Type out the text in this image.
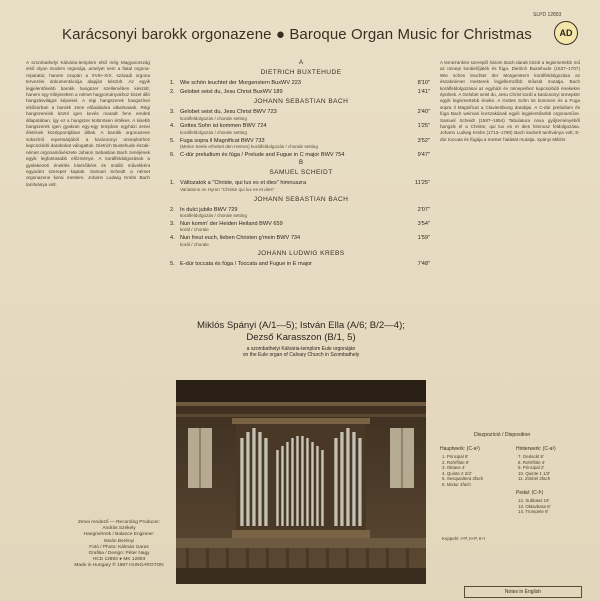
Karácsonyi barokk orgonazene ● Baroque Organ Music for Christmas
SLPD 12893
AD
A szombathelyi Kálvária-templom első még Magyarország első olyan modern orgonája, amelyet nem a fiatal orgona-reparatúr, hanem csupán a XVIII–XIX. századi orgona tervezési dokumentációja alapján készült. Az egyik legjelentősebb barokk hangszer szellemében készült, hanem egy kifejezetten a német hagyományokhoz közel álló hangzásvilágot képvisel. A régi hangszerek hangszínei elsősorban a barokk zene előadására alkalmasak. Régi hangszereink közül igen kevés maradt fenn eredeti állapotában, így ez a hangszer különösen értékes. A kisebb hangszerek igen gyakran egy-egy templom egyházi zenei életének középpontjában álltak. A barokk orgonazene sokszínű repertoárjából a karácsonyi ünnepkörhöz kapcsolódó darabokat válogattuk. Dietrich Buxtehude észak-német orgonaművészete Johann Sebastian Bach zenéjének egyik legfontosabb előzménye. A korálfeldolgozások a gyülekezeti éneklés kísérőiként és önálló művekként egyaránt szerepet kaptak. Samuel Scheidt a német orgonazene korai mestere. Johann Ludwig Krebs Bach tanítványa volt.
Zenei rendező — Recording Producer:
András Székely
Hangmérnök / Balance Engineer:
István Berényi
Fotó / Photo: Kálmán Garas
Grafika / Design: Péter Nagy
HCD 12893 ● MK 12893
Made in Hungary ℗ 1987 HUNGAROTON
A
DIETRICH BUXTEHUDE
1. Wie schön leuchtet der Morgenstern BuxWV 223	8'10"
2. Gelobet seist du, Jesu Christ BuxWV 189	1'41"
JOHANN SEBASTIAN BACH
3. Gelobet seist du, Jesu Christ BWV 723	2'40"
korálfeldolgozás / chorale setting
4. Gottes Sohn ist kommen BWV 724	1'25"
korálfeldolgozás / chorale setting
5. Fuga sopra il Magnificat BWV 733	3'52"
(Meine Seele erhebet den Herren) korálfeldolgozás / chorale setting
6. C-dúr preludium és fúga / Prelude and Fugue in C major BWV 754	9'47"
B
SAMUEL SCHEIDT
1. Változatok a "Christe, qui lux es et dies" himnuszra	11'25"
Variations on Hymn "Christe qui lux es et dies"
JOHANN SEBASTIAN BACH
2. In dulci jubilo BWV 729	2'07"
korálfeldolgozás / chorale setting
3. Nun komm' der Heiden Heiland BWV 659	3'54"
korál / chorale
4. Nun freut euch, lieben Christen g'mein BWV 734	1'59"
korál / chorale
JOHANN LUDWIG KREBS
5. E-dúr toccata és fúga / Toccata and Fugue in E major	7'48"
Miklós Spányi (A/1—5); István Ella (A/6; B/2—4);
Dezső Karasszon (B/1, 5)
a szombathelyi Kálvária-templom Eule orgonáján
on the Eule organ of Calvary Church in Szombathely
A lemezünkön szereplő három Bach-darab közül a legismertebb mű az ünnepi korálelőjáték és fúga. Dietrich Buxtehude (1637–1707) Wie schön leuchtet der Morgenstern korálfeldolgozása az északnémet mesterek legjellemzőbb stílusát mutatja. Bach korálfeldolgozásai az egyházi év ünnepeihez kapcsolódó énekekre épülnek. A Gelobet seist du, Jesu Christ korál a karácsonyi ünnepkör egyik legismertebb éneke. A Gottes Sohn ist kommen és a Fuga sopra il Magnificat a Clavierübung darabjai. A C-dúr prelúdium és fúga Bach weimari korszakának egyik legjelentősebb orgonaműve. Samuel Scheidt (1587–1654) Tabulatura nova gyűjteményéből hangzik el a Christe, qui lux es et dies himnusz feldolgozása. Johann Ludwig Krebs (1713–1780) Bach kedvelt tanítványa volt; E-dúr toccata és fúgája a mester hatását mutatja. Spányi Miklós
Diszpozíció / Disposition
Hauptwerk: (C-a³)
1. Principal 8'
2. Rohrflöte 8'
3. Oktave 4'
4. Quinte 2 2/3'
5. Sesquialtera 2fach
6. Mixtur 4fach
Hinterwerk: (C-a³)
7. Gedackt 8'
8. Rohrflöte 4'
9. Principal 2'
10. Quinte 1 1/3'
11. Zimbel 2fach
Pedal: (C-f¹)
12. Subbass 16'
13. Oktavbass 8'
14. Trompete 8'
Koppeln: I+P, II+P, II+I
Notes in English
